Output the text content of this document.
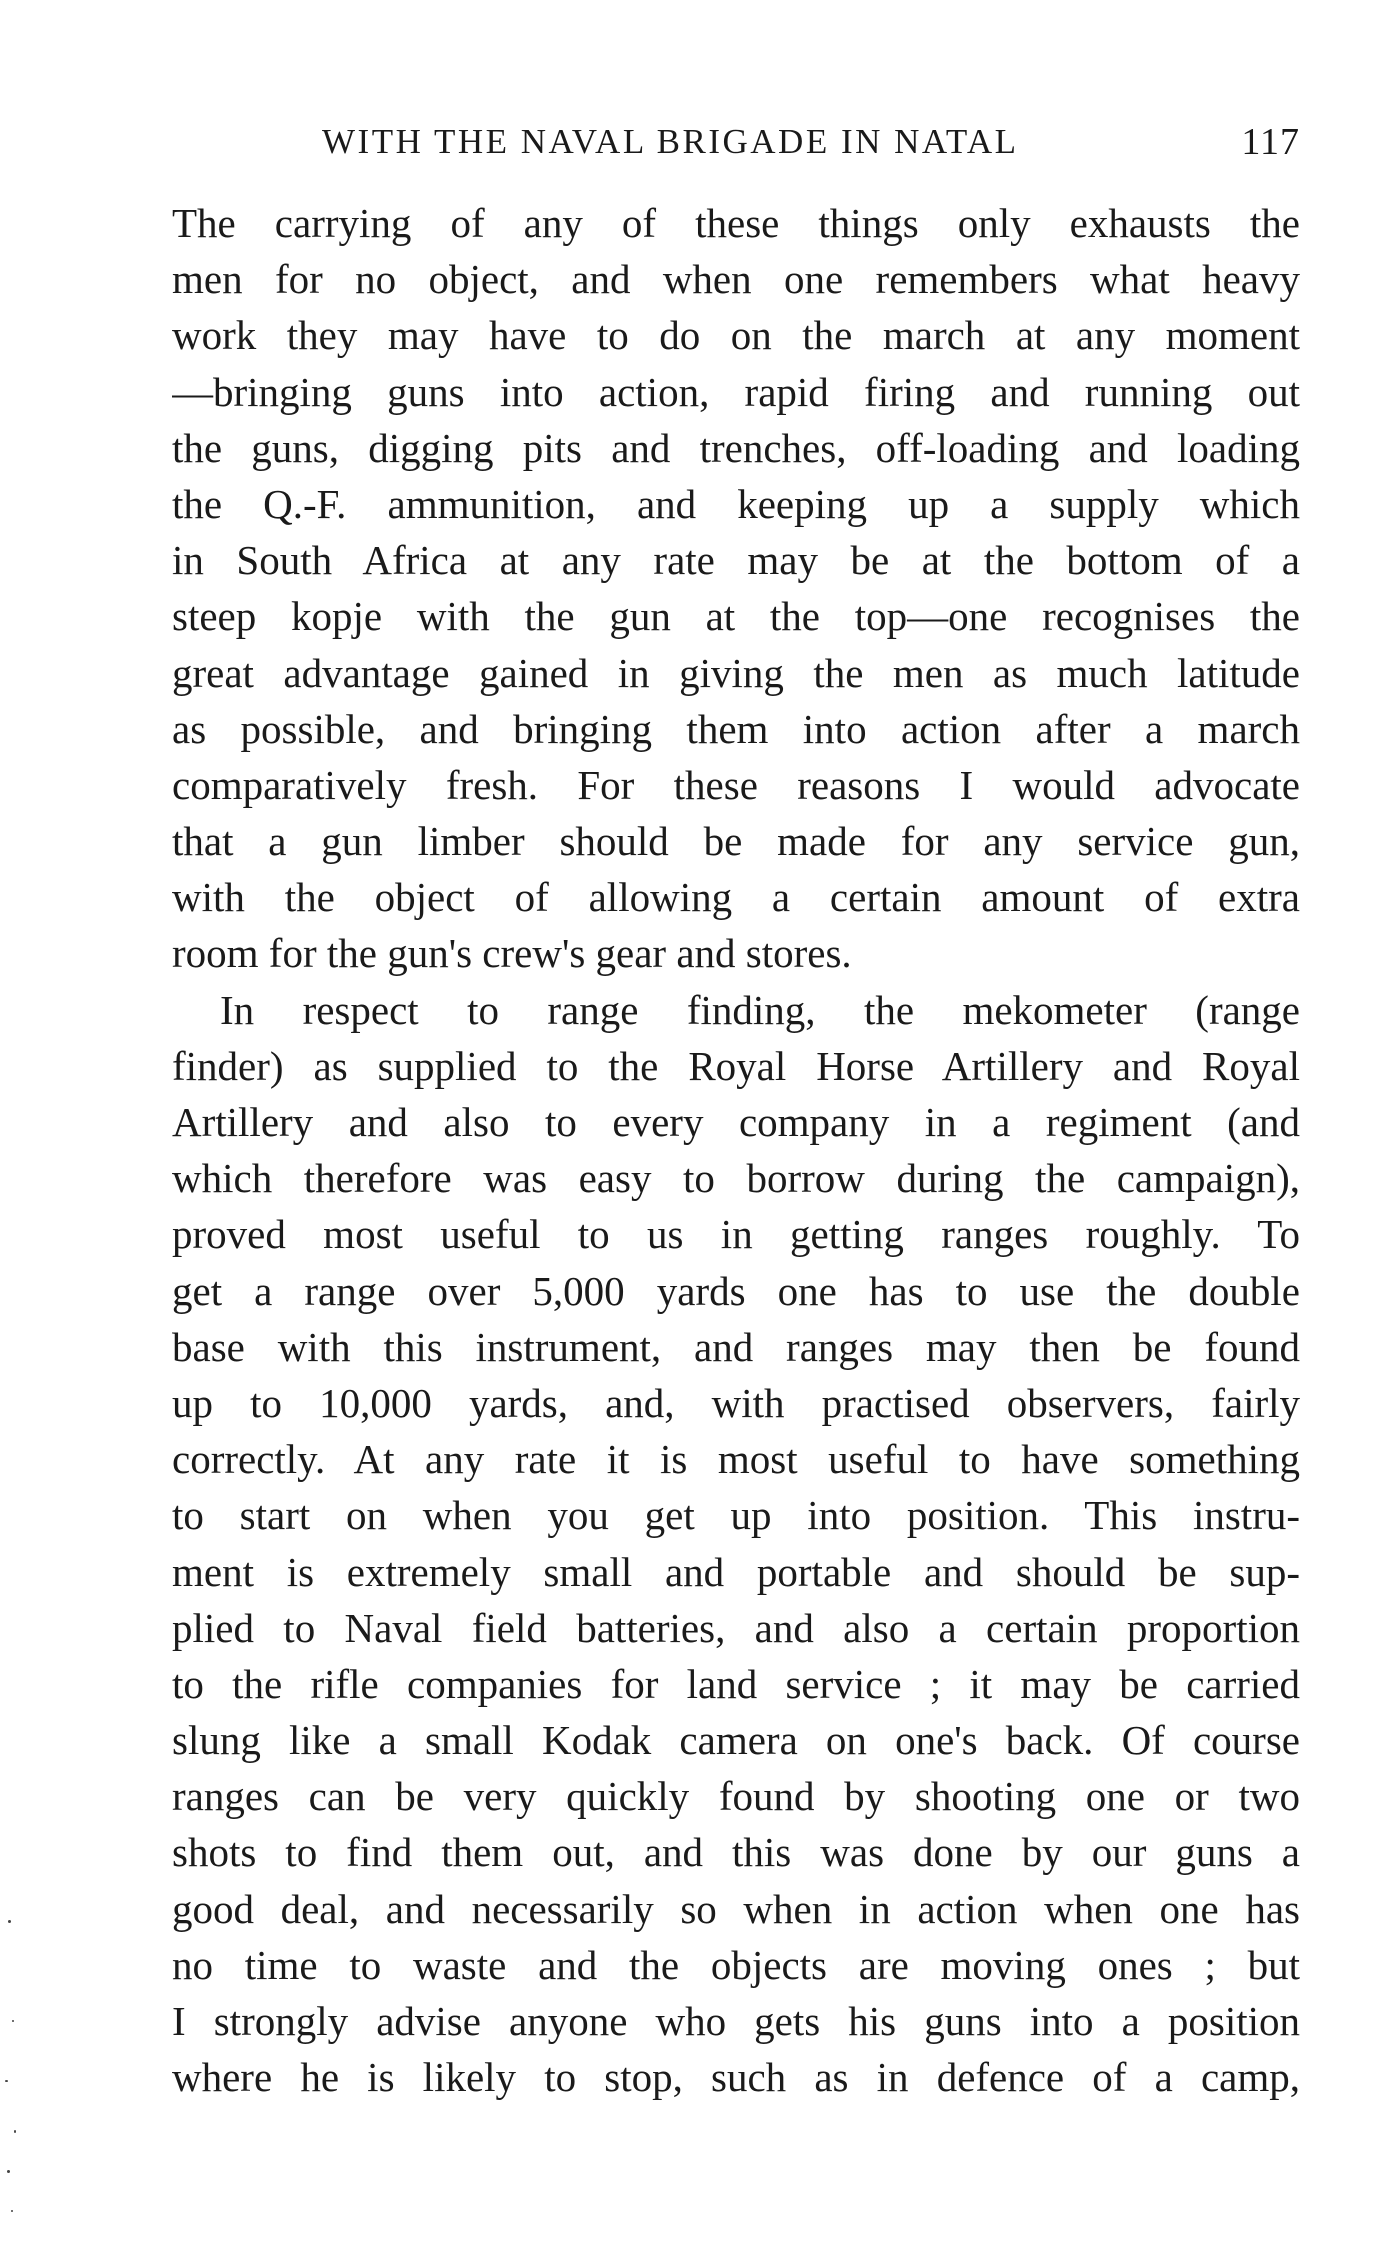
WITH THE NAVAL BRIGADE IN NATAL	117
The carrying of any of these things only exhausts the
men for no object, and when one remembers what heavy
work they may have to do on the march at any moment
—bringing guns into action, rapid firing and running out
the guns, digging pits and trenches, off-loading and loading
the Q.-F. ammunition, and keeping up a supply which
in South Africa at any rate may be at the bottom of a
steep kopje with the gun at the top—one recognises the
great advantage gained in giving the men as much latitude
as possible, and bringing them into action after a march
comparatively fresh. For these reasons I would advocate
that a gun limber should be made for any service gun,
with the object of allowing a certain amount of extra
room for the gun's crew's gear and stores.
In respect to range finding, the mekometer (range
finder) as supplied to the Royal Horse Artillery and Royal
Artillery and also to every company in a regiment (and
which therefore was easy to borrow during the campaign),
proved most useful to us in getting ranges roughly. To
get a range over 5,000 yards one has to use the double
base with this instrument, and ranges may then be found
up to 10,000 yards, and, with practised observers, fairly
correctly. At any rate it is most useful to have something
to start on when you get up into position. This instru-
ment is extremely small and portable and should be sup-
plied to Naval field batteries, and also a certain proportion
to the rifle companies for land service ; it may be carried
slung like a small Kodak camera on one's back. Of course
ranges can be very quickly found by shooting one or two
shots to find them out, and this was done by our guns a
good deal, and necessarily so when in action when one has
no time to waste and the objects are moving ones ; but
I strongly advise anyone who gets his guns into a position
where he is likely to stop, such as in defence of a camp,
